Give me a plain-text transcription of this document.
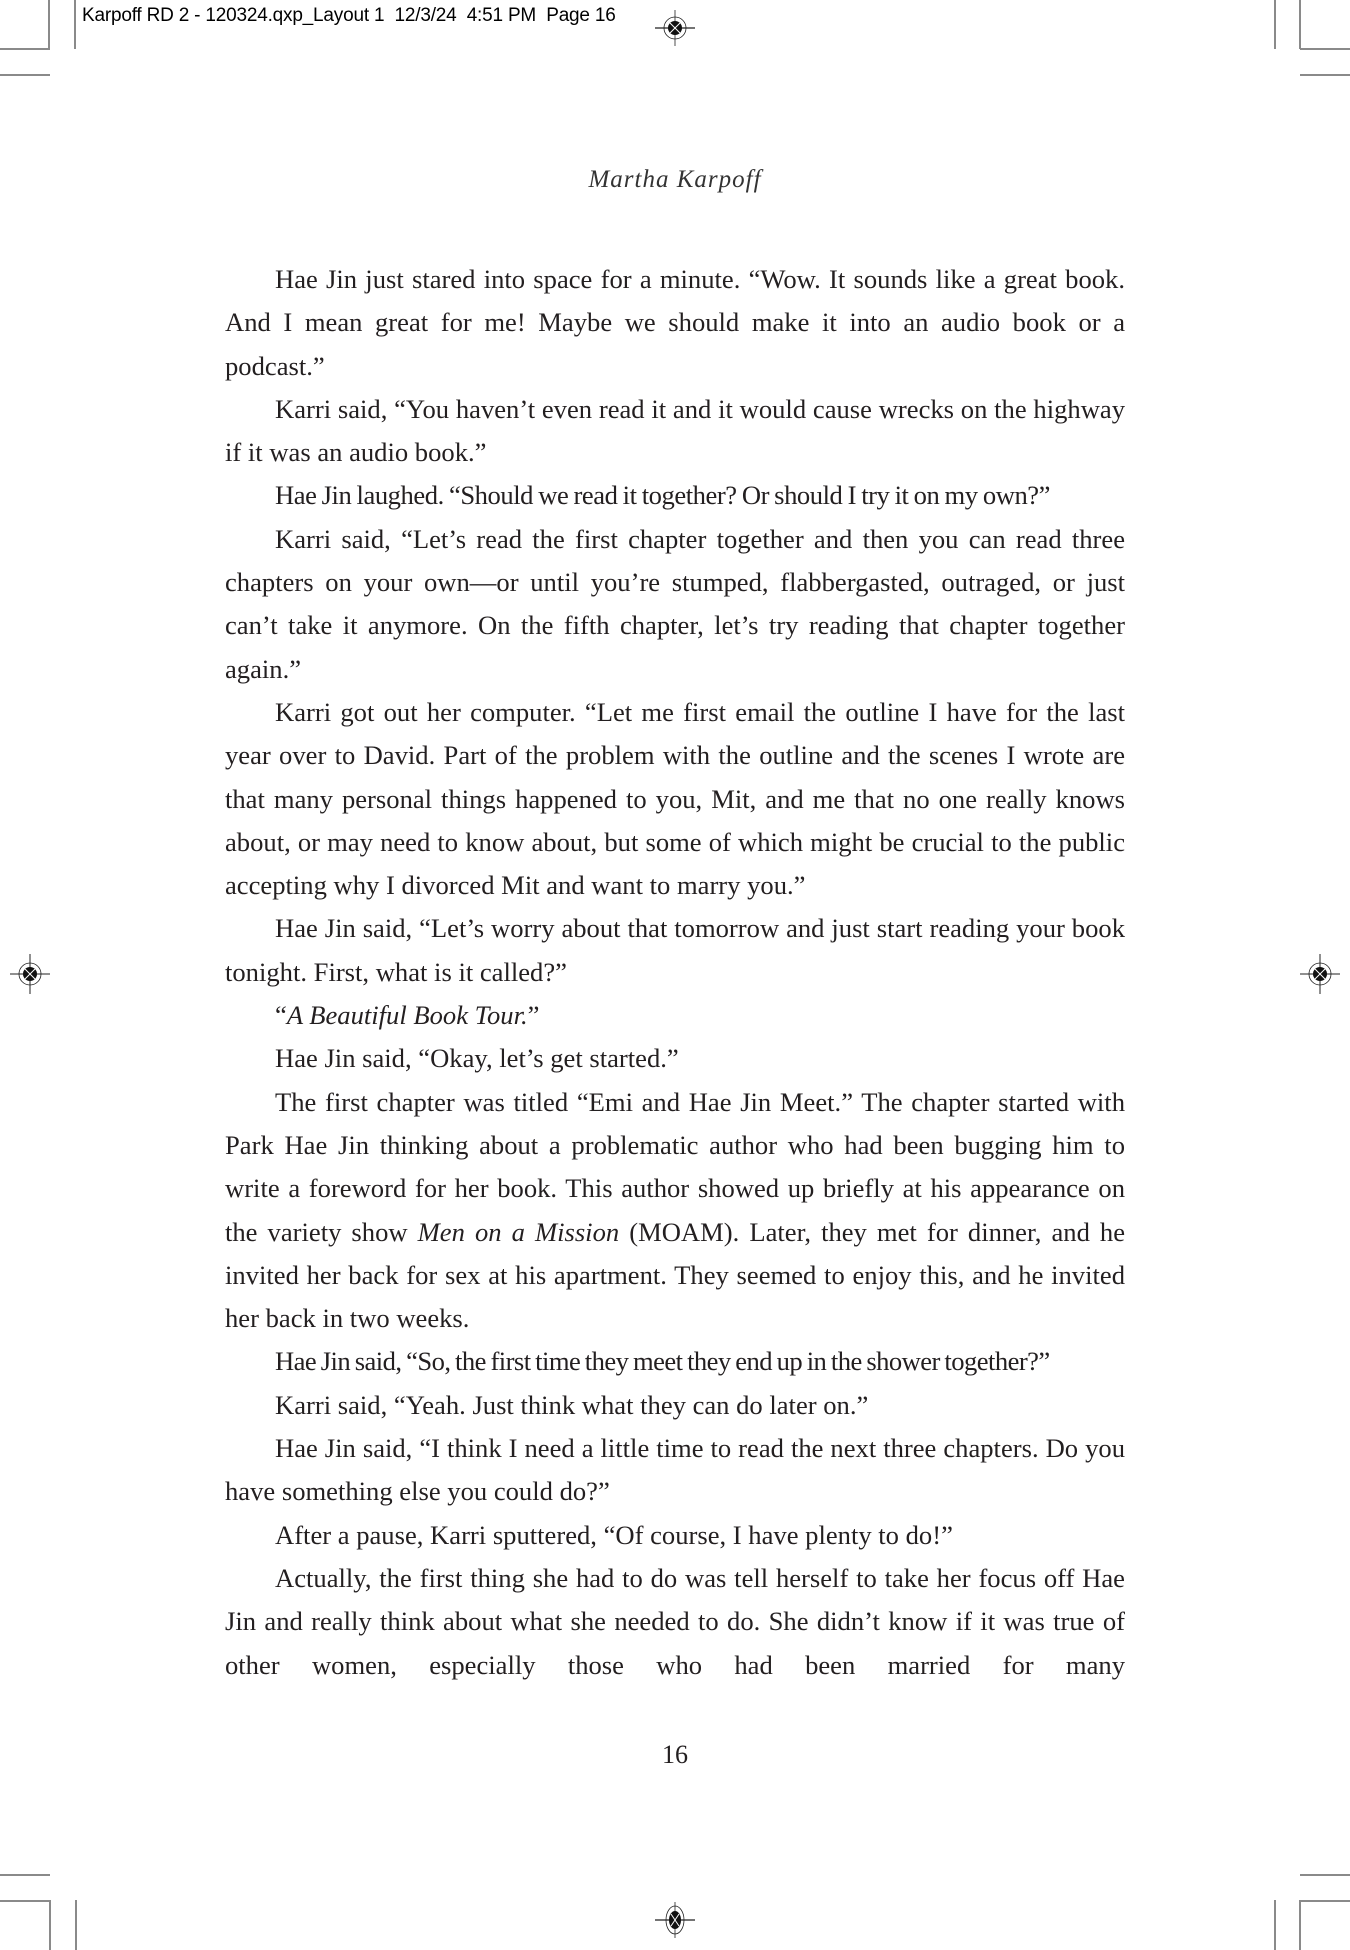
Karpoff RD 2 - 120324.qxp_Layout 1 12/3/24 4:51 PM Page 16
Martha Karpoff

Hae Jin just stared into space for a minute. “Wow. It sounds like a great book. And I mean great for me! Maybe we should make it into an audio book or a podcast.”

Karri said, “You haven’t even read it and it would cause wrecks on the highway if it was an audio book.”

Hae Jin laughed. “Should we read it together? Or should I try it on my own?”

Karri said, “Let’s read the first chapter together and then you can read three chapters on your own—or until you’re stumped, flabbergasted, outraged, or just can’t take it anymore. On the fifth chapter, let’s try reading that chapter together again.”

Karri got out her computer. “Let me first email the outline I have for the last year over to David. Part of the problem with the outline and the scenes I wrote are that many personal things happened to you, Mit, and me that no one really knows about, or may need to know about, but some of which might be crucial to the public accepting why I divorced Mit and want to marry you.”

Hae Jin said, “Let’s worry about that tomorrow and just start reading your book tonight. First, what is it called?”

“A Beautiful Book Tour.”

Hae Jin said, “Okay, let’s get started.”

The first chapter was titled “Emi and Hae Jin Meet.” The chapter started with Park Hae Jin thinking about a problematic author who had been bugging him to write a foreword for her book. This author showed up briefly at his appearance on the variety show Men on a Mission (MOAM). Later, they met for dinner, and he invited her back for sex at his apartment. They seemed to enjoy this, and he invited her back in two weeks.

Hae Jin said, “So, the first time they meet they end up in the shower together?”

Karri said, “Yeah. Just think what they can do later on.”

Hae Jin said, “I think I need a little time to read the next three chapters. Do you have something else you could do?”

After a pause, Karri sputtered, “Of course, I have plenty to do!”

Actually, the first thing she had to do was tell herself to take her focus off Hae Jin and really think about what she needed to do. She didn’t know if it was true of other women, especially those who had been married for many

16
